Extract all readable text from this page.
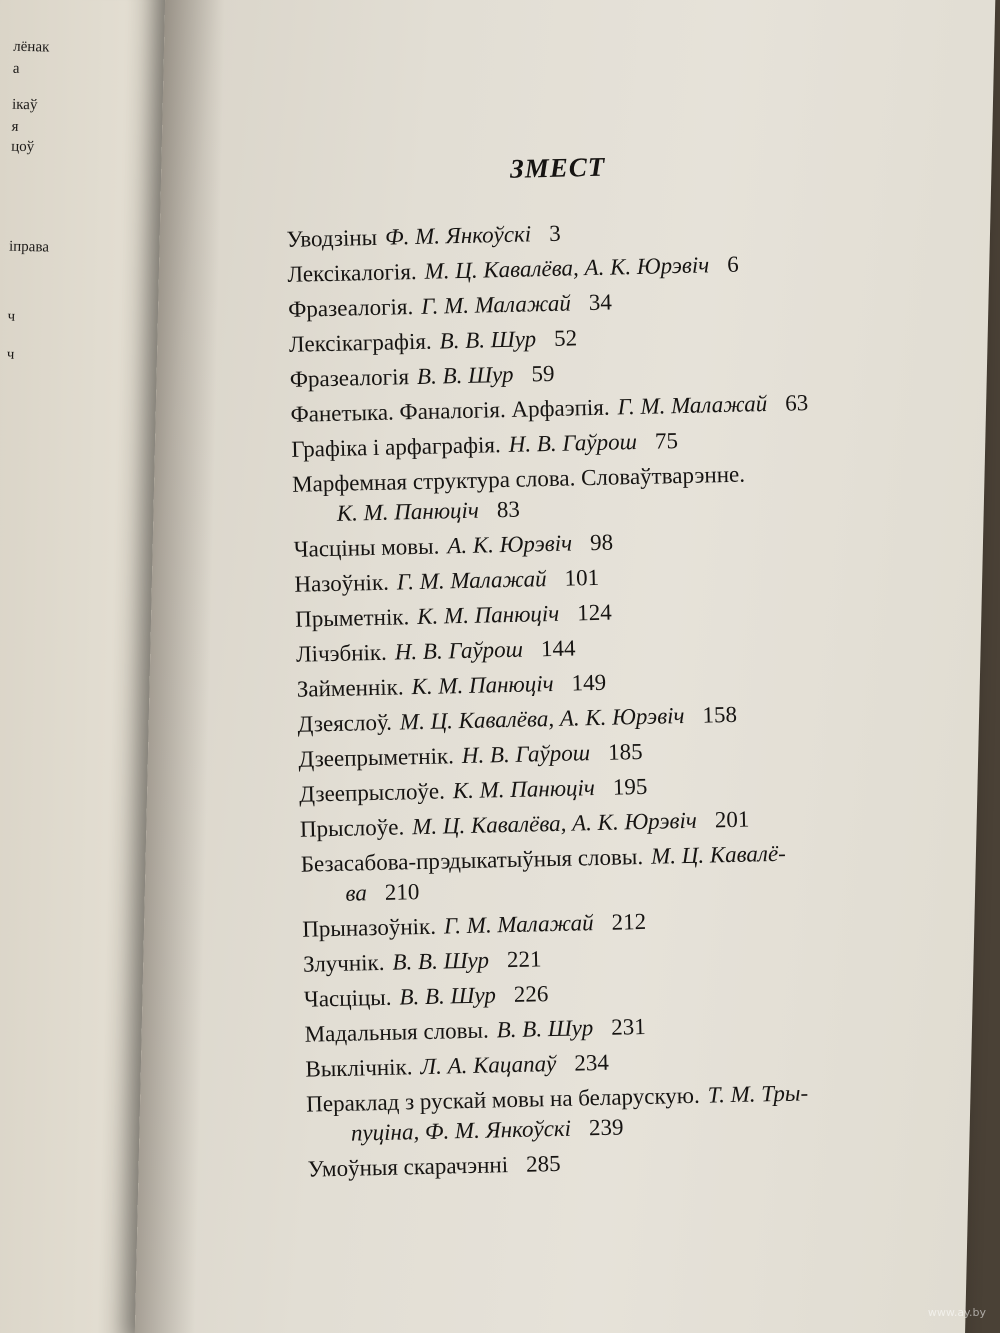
лёнак
а
ікаў
я
цоў
іправа
ч
ч
ЗМЕСТ
Уводзіны Ф. М. Янкоўскі 3
Лексікалогія. М. Ц. Кавалёва, А. К. Юрэвіч 6
Фразеалогія. Г. М. Малажай 34
Лексікаграфія. В. В. Шур 52
Фразеалогія В. В. Шур 59
Фанетыка. Фаналогія. Арфаэпія. Г. М. Малажай 63
Графіка і арфаграфія. Н. В. Гаўрош 75
Марфемная структура слова. Словаўтварэнне.
К. М. Панюціч 83
Часціны мовы. А. К. Юрэвіч 98
Назоўнік. Г. М. Малажай 101
Прыметнік. К. М. Панюціч 124
Лічэбнік. Н. В. Гаўрош 144
Займеннік. К. М. Панюціч 149
Дзеяслоў. М. Ц. Кавалёва, А. К. Юрэвіч 158
Дзеепрыметнік. Н. В. Гаўрош 185
Дзеепрыслоўе. К. М. Панюціч 195
Прыслоўе. М. Ц. Кавалёва, А. К. Юрэвіч 201
Безасабова-прэдыкатыўныя словы. М. Ц. Кавалё-
ва 210
Прыназоўнік. Г. М. Малажай 212
Злучнік. В. В. Шур 221
Часціцы. В. В. Шур 226
Мадальныя словы. В. В. Шур 231
Выклічнік. Л. А. Кацапаў 234
Пераклад з рускай мовы на беларускую. Т. М. Тры-
пуціна, Ф. М. Янкоўскі 239
Умоўныя скарачэнні 285
www.ay.by
